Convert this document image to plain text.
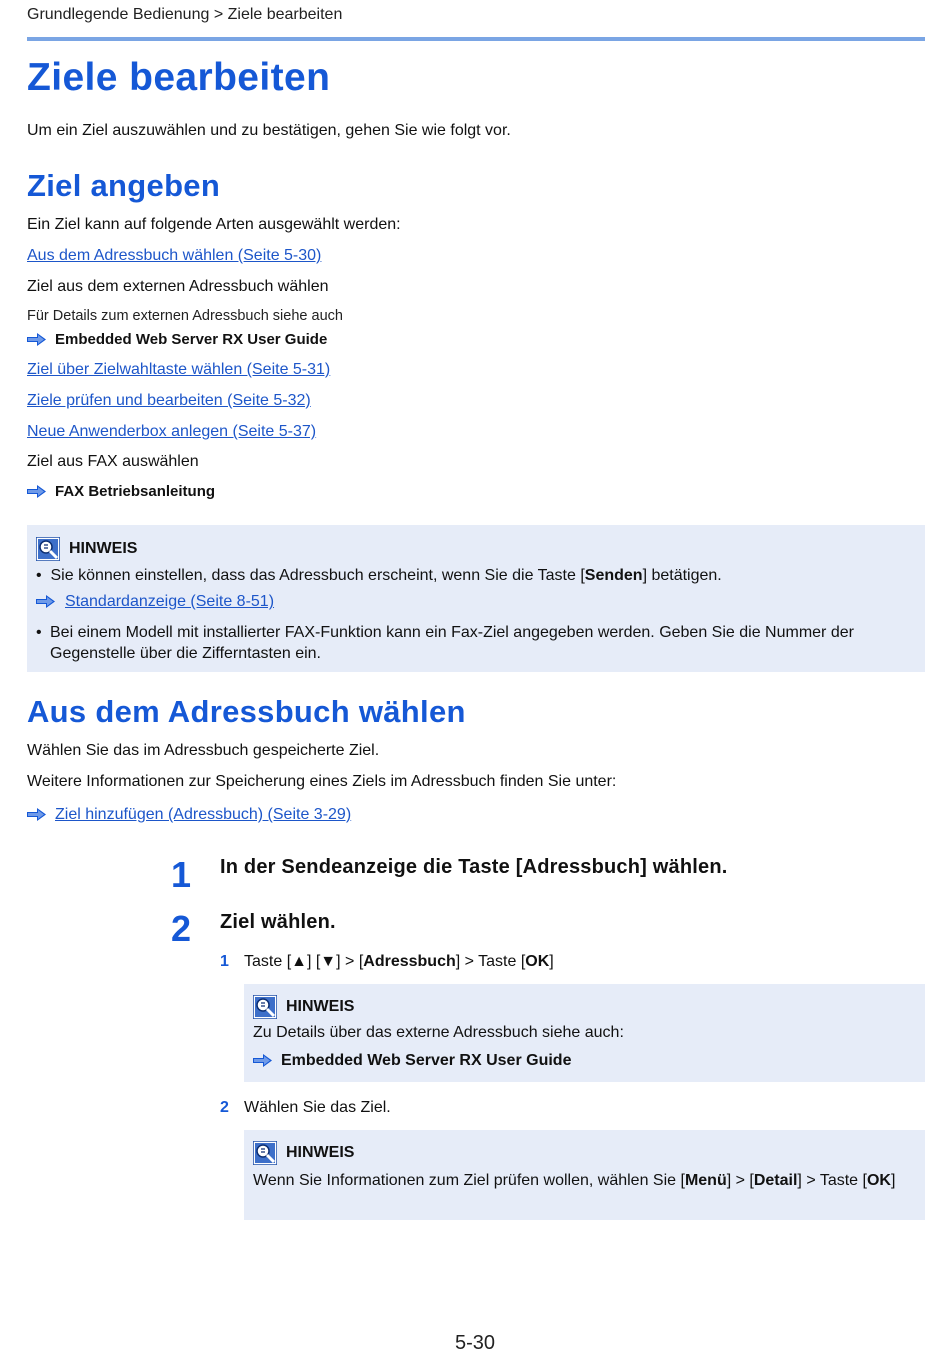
Grundlegende Bedienung > Ziele bearbeiten
Ziele bearbeiten
Um ein Ziel auszuwählen und zu bestätigen, gehen Sie wie folgt vor.
Ziel angeben
Ein Ziel kann auf folgende Arten ausgewählt werden:
Aus dem Adressbuch wählen (Seite 5-30)
Ziel aus dem externen Adressbuch wählen
Für Details zum externen Adressbuch siehe auch
Embedded Web Server RX User Guide
Ziel über Zielwahltaste wählen (Seite 5-31)
Ziele prüfen und bearbeiten (Seite 5-32)
Neue Anwenderbox anlegen (Seite 5-37)
Ziel aus FAX auswählen
FAX Betriebsanleitung
HINWEIS
•  Sie können einstellen, dass das Adressbuch erscheint, wenn Sie die Taste [Senden] betätigen.
Standardanzeige (Seite 8-51)
• Bei einem Modell mit installierter FAX-Funktion kann ein Fax-Ziel angegeben werden. Geben Sie die Nummer der Gegenstelle über die Zifferntasten ein.
Aus dem Adressbuch wählen
Wählen Sie das im Adressbuch gespeicherte Ziel.
Weitere Informationen zur Speicherung eines Ziels im Adressbuch finden Sie unter:
Ziel hinzufügen (Adressbuch) (Seite 3-29)
1 In der Sendeanzeige die Taste [Adressbuch] wählen.
2 Ziel wählen.
1 Taste [▲] [▼] > [Adressbuch] > Taste [OK]
HINWEIS
Zu Details über das externe Adressbuch siehe auch:
Embedded Web Server RX User Guide
2 Wählen Sie das Ziel.
HINWEIS
Wenn Sie Informationen zum Ziel prüfen wollen, wählen Sie [Menü] > [Detail] > Taste [OK]
5-30
